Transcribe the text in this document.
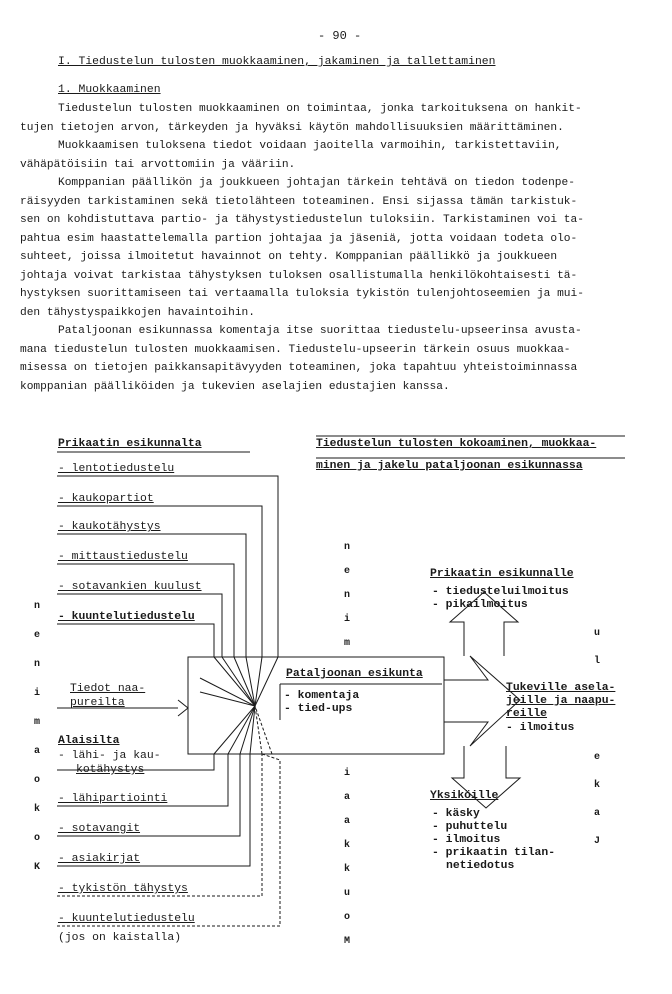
- 90 -
I. Tiedustelun tulosten muokkaaminen, jakaminen ja tallettaminen
1. Muokkaaminen
Tiedustelun tulosten muokkaaminen on toimintaa, jonka tarkoituksena on hankit-
tujen tietojen arvon, tärkeyden ja hyväksi käytön mahdollisuuksien määrittäminen.
Muokkaamisen tuloksena tiedot voidaan jaoitella varmoihin, tarkistettaviin,
vähäpätöisiin tai arvottomiin ja vääriin.
Komppanian päällikön ja joukkueen johtajan tärkein tehtävä on tiedon todenpe-
räisyyden tarkistaminen sekä tietolähteen toteaminen. Ensi sijassa tämän tarkistuk-
sen on kohdistuttava partio- ja tähystystiedustelun tuloksiin. Tarkistaminen voi ta-
pahtua esim haastattelemalla partion johtajaa ja jäseniä, jotta voidaan todeta olo-
suhteet, joissa ilmoitetut havainnot on tehty. Komppanian päällikkö ja joukkueen
johtaja voivat tarkistaa tähystyksen tuloksen osallistumalla henkilökohtaisesti tä-
hystyksen suorittamiseen tai vertaamalla tuloksia tykistön tulenjohtoseemien ja mui-
den tähystyspaikkojen havaintoihin.
Pataljoonan esikunnassa komentaja itse suorittaa tiedustelu-upseerinsa avusta-
mana tiedustelun tulosten muokkaamisen. Tiedustelu-upseerin tärkein osuus muokkaa-
misessa on tietojen paikkansapitävyyden toteaminen, joka tapahtuu yhteistoiminnassa
komppanian päälliköiden ja tukevien aselajien edustajien kanssa.
Prikaatin esikunnalta	Tiedustelun tulosten kokoaminen, muokkaa-
minen ja jakelu pataljoonan esikunnassa
- lentotiedustelu
- kaukopartiot
- kaukotähystys
- mittaustiedustelu
- sotavankien kuulust
- kuuntelutiedustelu
Tiedot naa-
pureilta
Alaisilta
- lähi- ja kau-
kotähystys
- lähipartiointi
- sotavangit
- asiakirjat
- tykistön tähystys
- kuuntelutiedustelu
(jos on kaistalla)
Pataljoonan esikunta
- komentaja
- tied-ups
Prikaatin esikunnalle
- tiedusteluilmoitus
- pikailmoitus
Tukeville asela-
jeille ja naapu-
reille
- ilmoitus
Yksiköille
- käsky
- puhuttelu
- ilmoitus
- prikaatin tilan-
netiedotus
n
e
n
i
m
a
o
k
o
K
n
e
n
i
m
i
a
a
k
k
u
o
M
u
l
e
k
a
J
